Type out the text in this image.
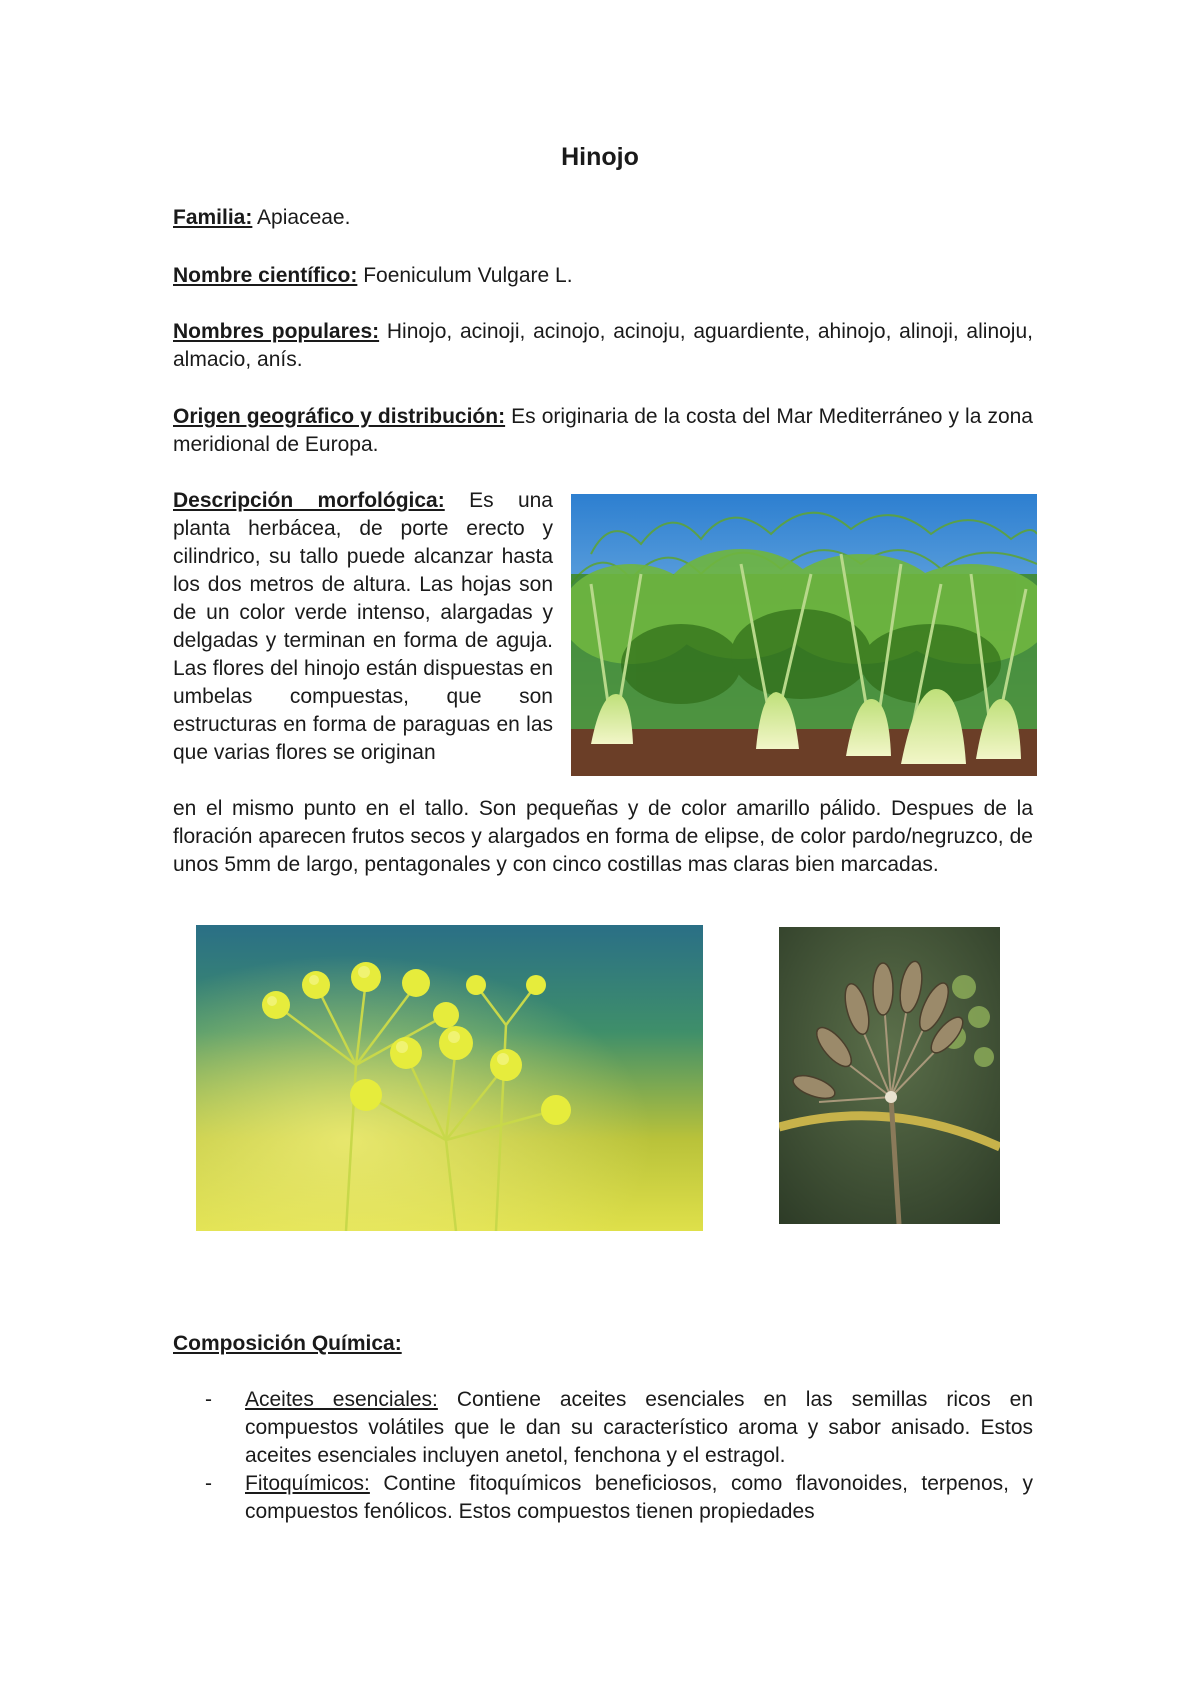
Hinojo

Familia: Apiaceae.

Nombre científico: Foeniculum Vulgare L.

Nombres populares: Hinojo, acinoji, acinojo, acinoju, aguardiente, ahinojo, alinoji, alinoju, almacio, anís.

Origen geográfico y distribución: Es originaria de la costa del Mar Mediterráneo y la zona meridional de Europa.

Descripción morfológica: Es una planta herbácea, de porte erecto y cilindrico, su tallo puede alcanzar hasta los dos metros de altura. Las hojas son de un color verde intenso, alargadas y delgadas y terminan en forma de aguja. Las flores del hinojo están dispuestas en umbelas compuestas, que son estructuras en forma de paraguas en las que varias flores se originan

en el mismo punto en el tallo. Son pequeñas y de color amarillo pálido. Despues de la floración aparecen frutos secos y alargados en forma de elipse, de color pardo/negruzco, de unos 5mm de largo, pentagonales y con cinco costillas mas claras bien marcadas.

Composición Química:

- Aceites esenciales: Contiene aceites esenciales en las semillas ricos en compuestos volátiles que le dan su característico aroma y sabor anisado. Estos aceites esenciales incluyen anetol, fenchona y el estragol.
- Fitoquímicos: Contine fitoquímicos beneficiosos, como flavonoides, terpenos, y compuestos fenólicos. Estos compuestos tienen propiedades
